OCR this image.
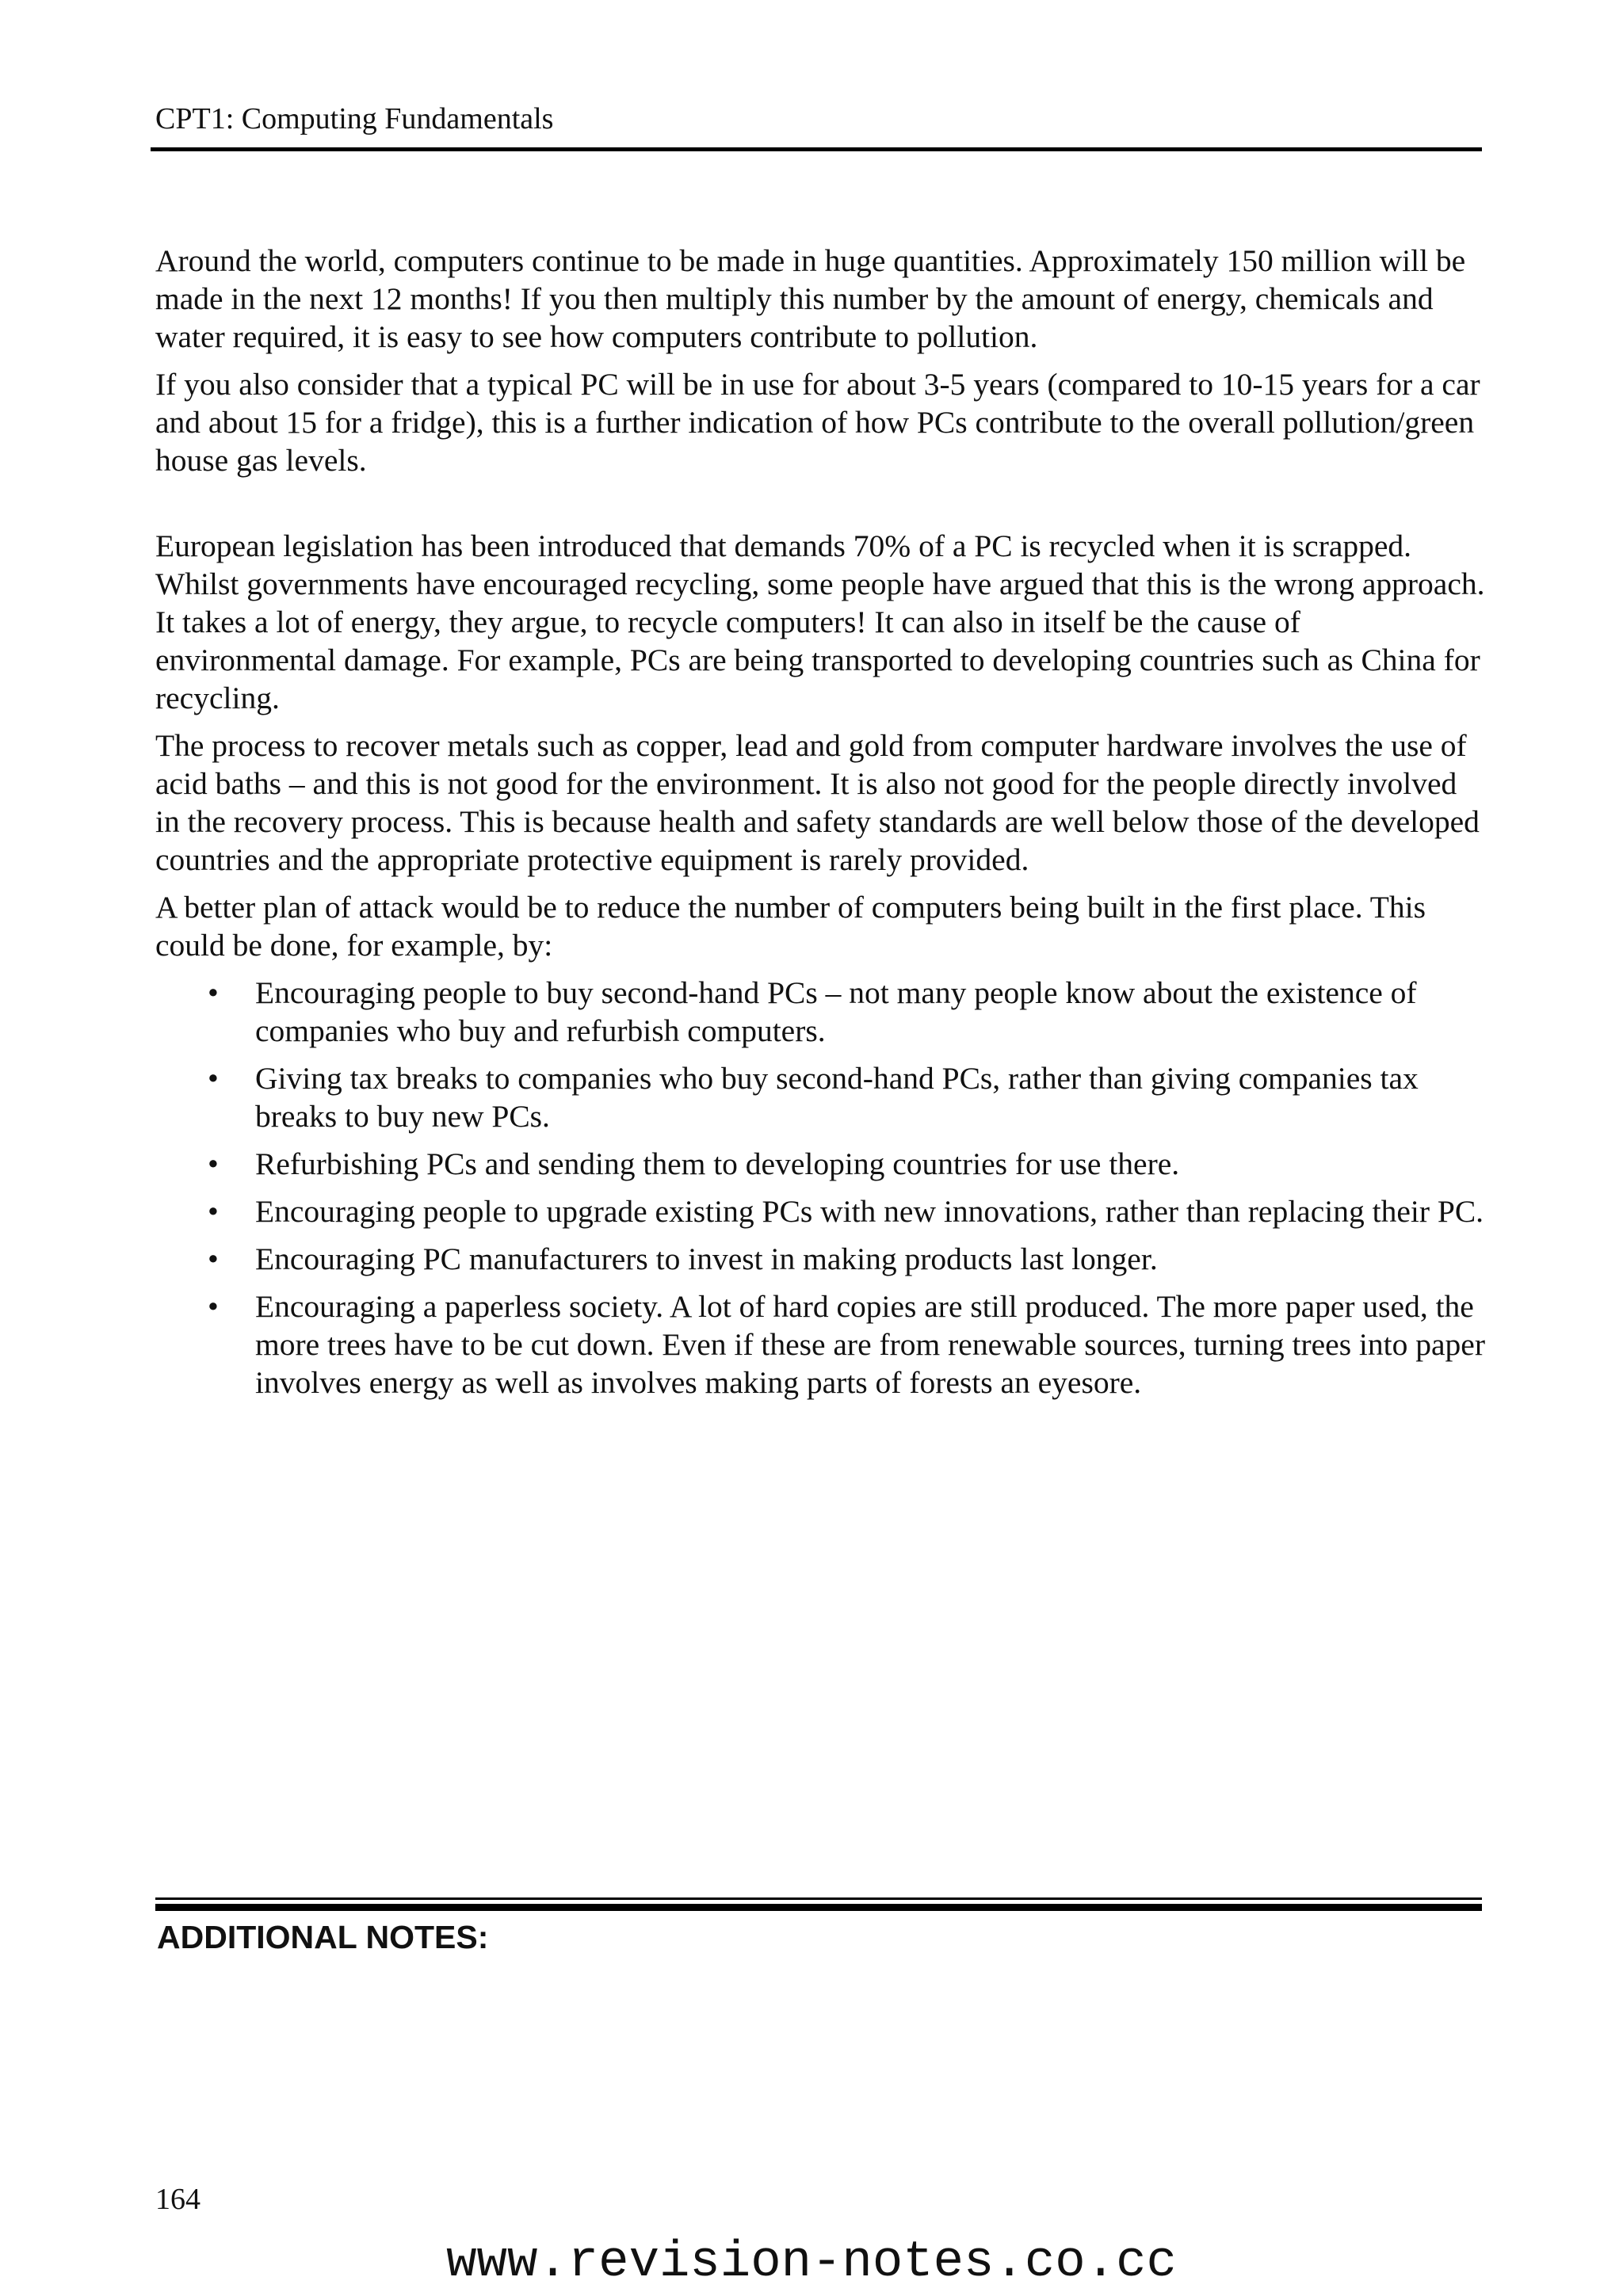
CPT1: Computing Fundamentals

Around the world, computers continue to be made in huge quantities. Approximately 150 million will be made in the next 12 months! If you then multiply this number by the amount of energy, chemicals and water required, it is easy to see how computers contribute to pollution.

If you also consider that a typical PC will be in use for about 3-5 years (compared to 10-15 years for a car and about 15 for a fridge), this is a further indication of how PCs contribute to the overall pollution/green house gas levels.

European legislation has been introduced that demands 70% of a PC is recycled when it is scrapped. Whilst governments have encouraged recycling, some people have argued that this is the wrong approach. It takes a lot of energy, they argue, to recycle computers! It can also in itself be the cause of environmental damage. For example, PCs are being transported to developing countries such as China for recycling.

The process to recover metals such as copper, lead and gold from computer hardware involves the use of acid baths – and this is not good for the environment. It is also not good for the people directly involved in the recovery process. This is because health and safety standards are well below those of the developed countries and the appropriate protective equipment is rarely provided.

A better plan of attack would be to reduce the number of computers being built in the first place. This could be done, for example, by:

• Encouraging people to buy second-hand PCs – not many people know about the existence of companies who buy and refurbish computers.
• Giving tax breaks to companies who buy second-hand PCs, rather than giving companies tax breaks to buy new PCs.
• Refurbishing PCs and sending them to developing countries for use there.
• Encouraging people to upgrade existing PCs with new innovations, rather than replacing their PC.
• Encouraging PC manufacturers to invest in making products last longer.
• Encouraging a paperless society. A lot of hard copies are still produced. The more paper used, the more trees have to be cut down. Even if these are from renewable sources, turning trees into paper involves energy as well as involves making parts of forests an eyesore.
ADDITIONAL NOTES:
164
www.revision-notes.co.cc
